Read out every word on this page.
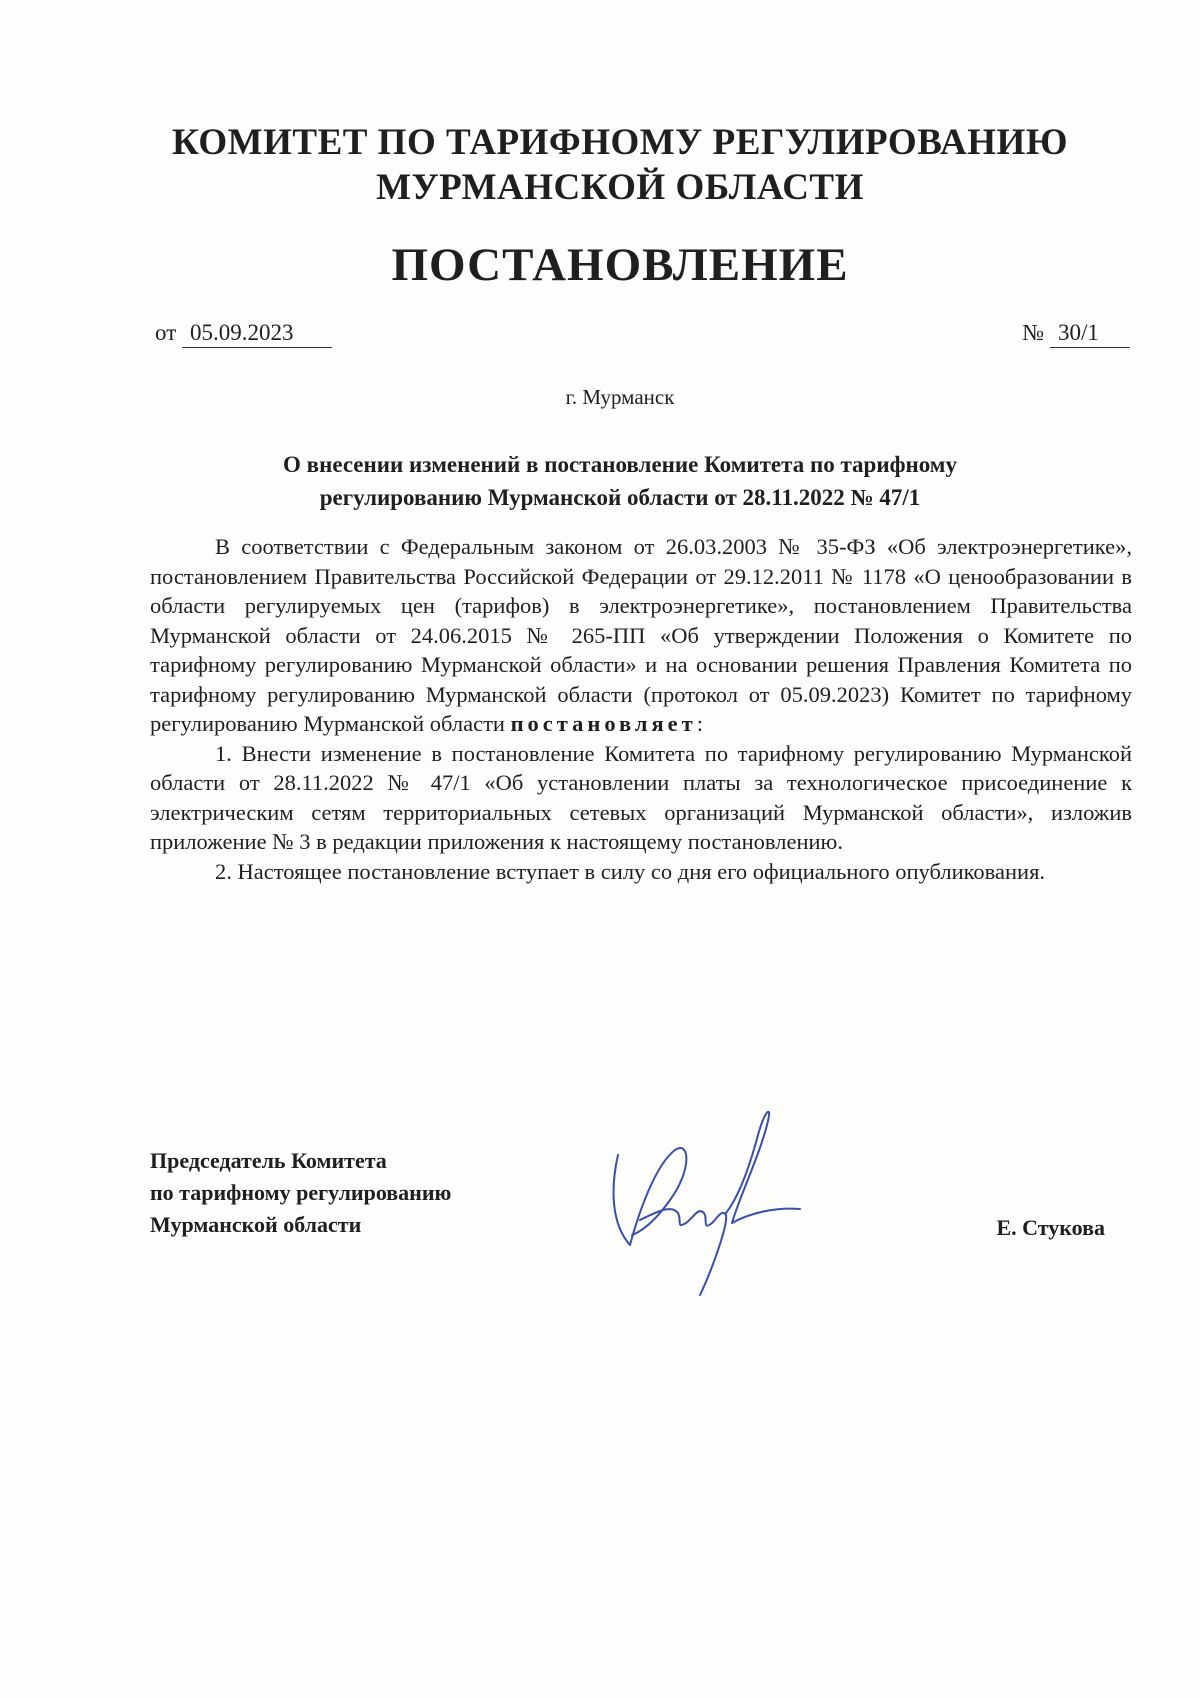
КОМИТЕТ ПО ТАРИФНОМУ РЕГУЛИРОВАНИЮ
МУРМАНСКОЙ ОБЛАСТИ
ПОСТАНОВЛЕНИЕ
от 05.09.2023	№ 30/1
г. Мурманск
О внесении изменений в постановление Комитета по тарифному
регулированию Мурманской области от 28.11.2022 № 47/1

В соответствии с Федеральным законом от 26.03.2003 № 35-ФЗ «Об электроэнергетике», постановлением Правительства Российской Федерации от 29.12.2011 № 1178 «О ценообразовании в области регулируемых цен (тарифов) в электроэнергетике», постановлением Правительства Мурманской области от 24.06.2015 № 265-ПП «Об утверждении Положения о Комитете по тарифному регулированию Мурманской области» и на основании решения Правления Комитета по тарифному регулированию Мурманской области (протокол от 05.09.2023) Комитет по тарифному регулированию Мурманской области постановляет:

1. Внести изменение в постановление Комитета по тарифному регулированию Мурманской области от 28.11.2022 № 47/1 «Об установлении платы за технологическое присоединение к электрическим сетям территориальных сетевых организаций Мурманской области», изложив приложение № 3 в редакции приложения к настоящему постановлению.

2. Настоящее постановление вступает в силу со дня его официального опубликования.

Председатель Комитета
по тарифному регулированию
Мурманской области	Е. Стукова
